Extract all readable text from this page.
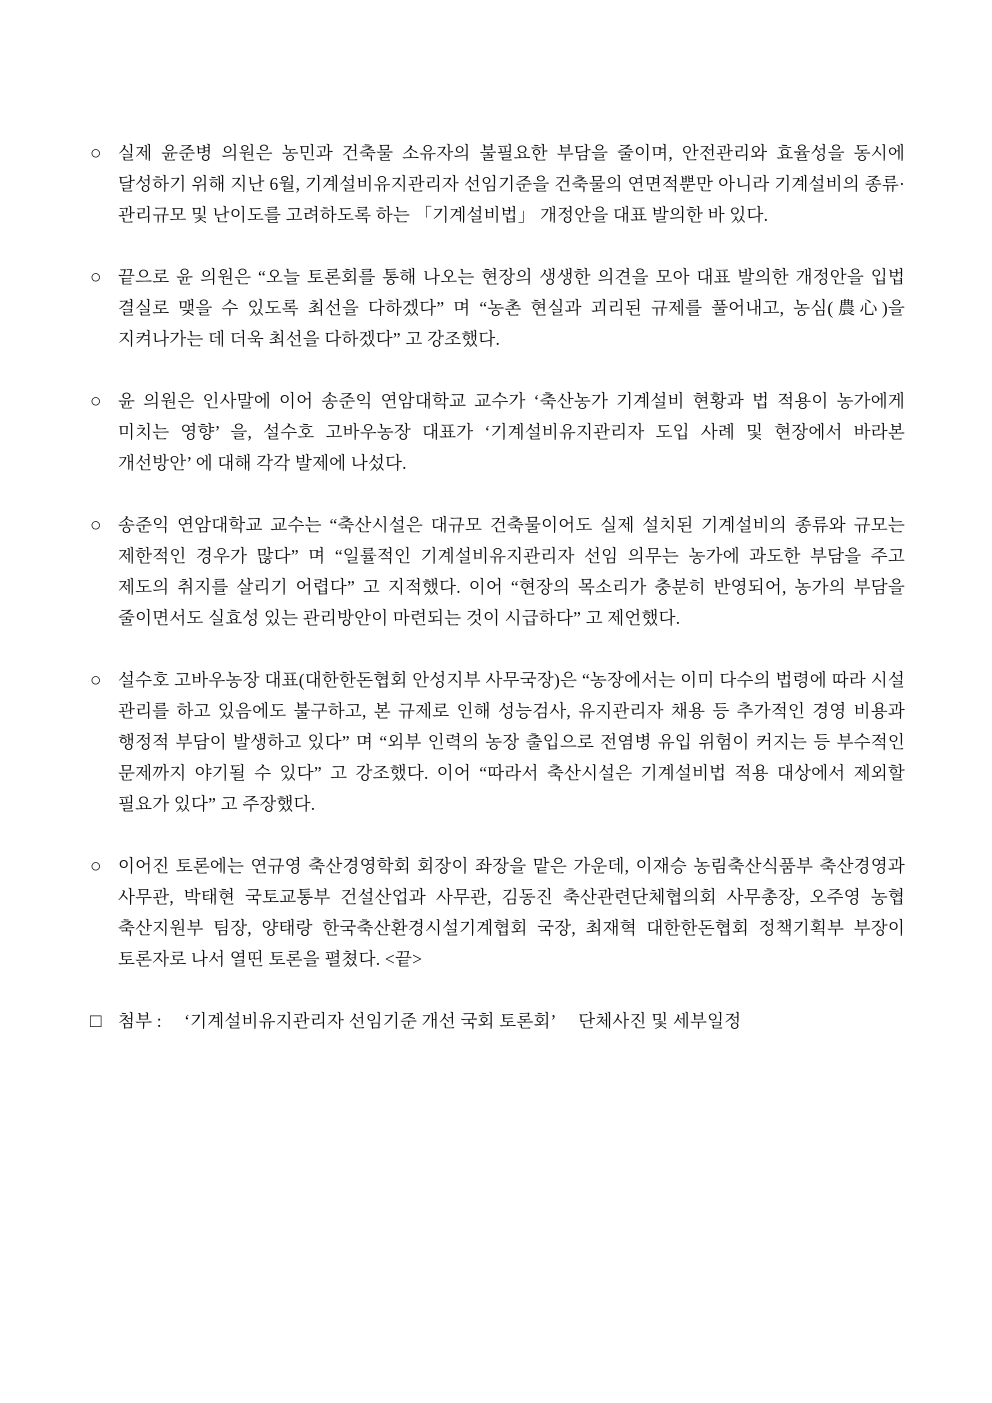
○ 실제 윤준병 의원은 농민과 건축물 소유자의 불필요한 부담을 줄이며, 안전관리와 효율성을 동시에 달성하기 위해 지난 6월, 기계설비유지관리자 선임기준을 건축물의 연면적뿐만 아니라 기계설비의 종류· 관리규모 및 난이도를 고려하도록 하는 「기계설비법」 개정안을 대표 발의한 바 있다.
○ 끝으로 윤 의원은 “오늘 토론회를 통해 나오는 현장의 생생한 의견을 모아 대표 발의한 개정안을 입법 결실로 맺을 수 있도록 최선을 다하겠다” 며 “농촌 현실과 괴리된 규제를 풀어내고, 농심(農心)을 지켜나가는 데 더욱 최선을 다하겠다” 고 강조했다.
○ 윤 의원은 인사말에 이어 송준익 연암대학교 교수가 ‘축산농가 기계설비 현황과 법 적용이 농가에게 미치는 영향’ 을, 설수호 고바우농장 대표가 ‘기계설비유지관리자 도입 사례 및 현장에서 바라본 개선방안’ 에 대해 각각 발제에 나섰다.
○ 송준익 연암대학교 교수는 “축산시설은 대규모 건축물이어도 실제 설치된 기계설비의 종류와 규모는 제한적인 경우가 많다” 며 “일률적인 기계설비유지관리자 선임 의무는 농가에 과도한 부담을 주고 제도의 취지를 살리기 어렵다” 고 지적했다. 이어 “현장의 목소리가 충분히 반영되어, 농가의 부담을 줄이면서도 실효성 있는 관리방안이 마련되는 것이 시급하다” 고 제언했다.
○ 설수호 고바우농장 대표(대한한돈협회 안성지부 사무국장)은 “농장에서는 이미 다수의 법령에 따라 시설 관리를 하고 있음에도 불구하고, 본 규제로 인해 성능검사, 유지관리자 채용 등 추가적인 경영 비용과 행정적 부담이 발생하고 있다” 며 “외부 인력의 농장 출입으로 전염병 유입 위험이 커지는 등 부수적인 문제까지 야기될 수 있다” 고 강조했다. 이어 “따라서 축산시설은 기계설비법 적용 대상에서 제외할 필요가 있다” 고 주장했다.
○ 이어진 토론에는 연규영 축산경영학회 회장이 좌장을 맡은 가운데, 이재승 농림축산식품부 축산경영과 사무관, 박태현 국토교통부 건설산업과 사무관, 김동진 축산관련단체협의회 사무총장, 오주영 농협 축산지원부 팀장, 양태랑 한국축산환경시설기계협회 국장, 최재혁 대한한돈협회 정책기획부 부장이 토론자로 나서 열띤 토론을 펼쳤다. <끝>
□ 첨부 :　 ‘기계설비유지관리자 선임기준 개선 국회 토론회’　 단체사진 및 세부일정
